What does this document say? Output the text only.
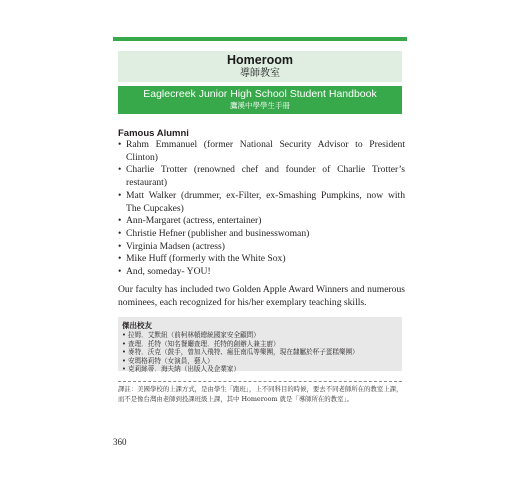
Homeroom
導師教室
Eaglecreek Junior High School Student Handbook
鷹溪中學學生手冊
Famous Alumni
• Rahm Emmanuel (former National Security Advisor to President Clinton)
• Charlie Trotter (renowned chef and founder of Charlie Trotter’s restaurant)
• Matt Walker (drummer, ex-Filter, ex-Smashing Pumpkins, now with The Cupcakes)
• Ann-Margaret (actress, entertainer)
• Christie Hefner (publisher and businesswoman)
• Virginia Madsen (actress)
• Mike Huff (formerly with the White Sox)
• And, someday- YOU!

Our faculty has included two Golden Apple Award Winners and numerous nominees, each recognized for his/her exemplary teaching skills.

傑出校友
• 拉姆．艾默紐（前柯林頓總統國家安全顧問）
• 查理．托特（知名餐廳查理．托特的創辦人兼主廚）
• 麥特．沃克（鼓手，曾加入飛特、瘋狂南瓜等樂團，現在隸屬於杯子蛋糕樂團）
• 安瑪格莉特（女演員，藝人）
• 克莉絲蒂．海夫納（出版人及企業家）

譯註：美國學校的上課方式，是由學生「跑班」，上不同科目的時候，要去不同老師所在的教室上課，而不是像台灣由老師到投課班級上課，其中 Homeroom 就是「導師所在的教室」。

360
